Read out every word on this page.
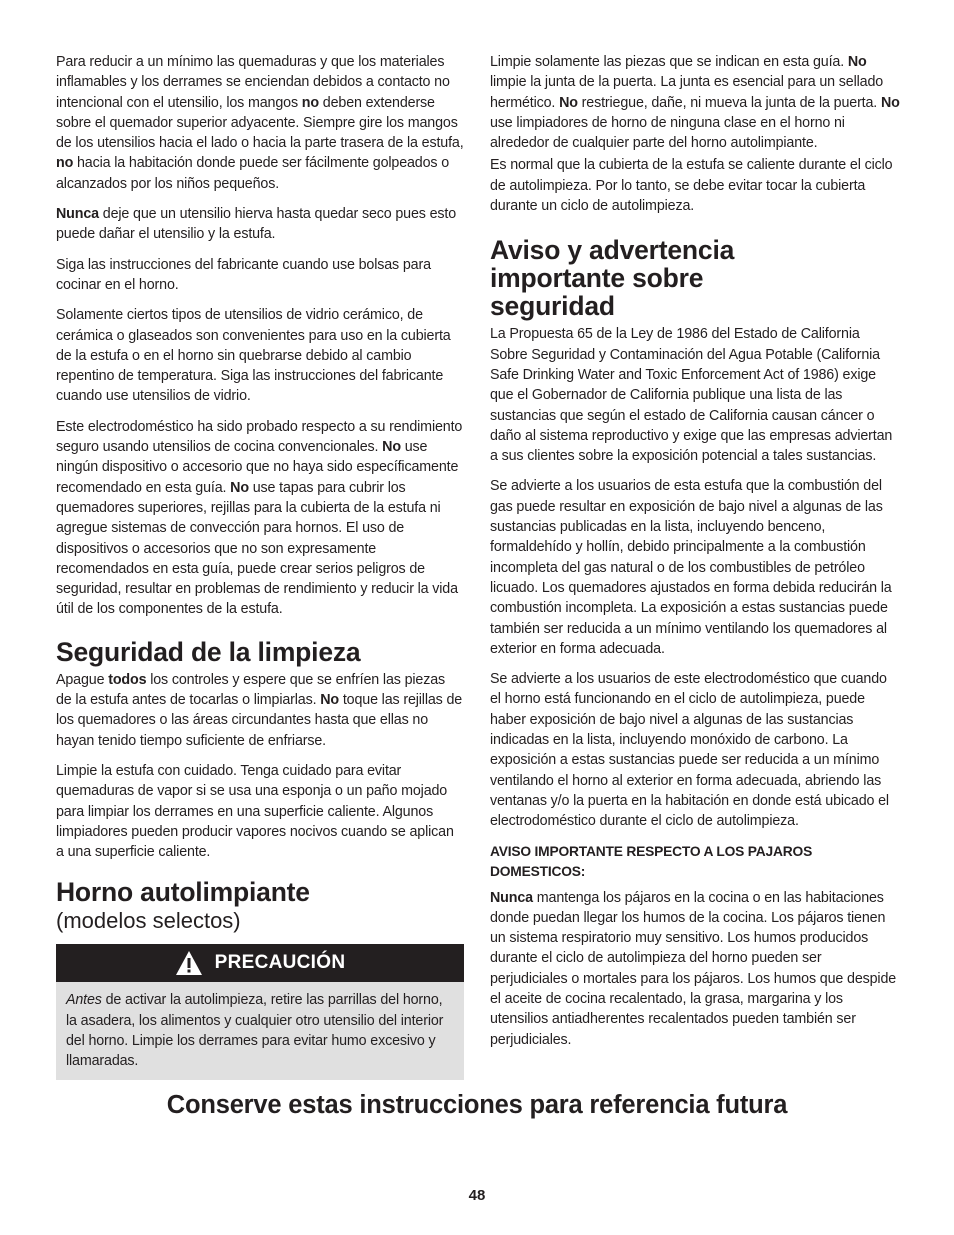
Para reducir a un mínimo las quemaduras y que los materiales inflamables y los derrames se enciendan debidos a contacto no intencional con el utensilio, los mangos no deben extenderse sobre el quemador superior adyacente. Siempre gire los mangos de los utensilios hacia el lado o hacia la parte trasera de la estufa, no hacia la habitación donde puede ser fácilmente golpeados o alcanzados por los niños pequeños.

Nunca deje que un utensilio hierva hasta quedar seco pues esto puede dañar el utensilio y la estufa.

Siga las instrucciones del fabricante cuando use bolsas para cocinar en el horno.

Solamente ciertos tipos de utensilios de vidrio cerámico, de cerámica o glaseados son convenientes para uso en la cubierta de la estufa o en el horno sin quebrarse debido al cambio repentino de temperatura. Siga las instrucciones del fabricante cuando use utensilios de vidrio.

Este electrodoméstico ha sido probado respecto a su rendimiento seguro usando utensilios de cocina convencionales. No use ningún dispositivo o accesorio que no haya sido específicamente recomendado en esta guía. No use tapas para cubrir los quemadores superiores, rejillas para la cubierta de la estufa ni agregue sistemas de convección para hornos. El uso de dispositivos o accesorios que no son expresamente recomendados en esta guía, puede crear serios peligros de seguridad, resultar en problemas de rendimiento y reducir la vida útil de los componentes de la estufa.

Seguridad de la limpieza

Apague todos los controles y espere que se enfríen las piezas de la estufa antes de tocarlas o limpiarlas. No toque las rejillas de los quemadores o las áreas circundantes hasta que ellas no hayan tenido tiempo suficiente de enfriarse.

Limpie la estufa con cuidado. Tenga cuidado para evitar quemaduras de vapor si se usa una esponja o un paño mojado para limpiar los derrames en una superficie caliente. Algunos limpiadores pueden producir vapores nocivos cuando se aplican a una superficie caliente.

Horno autolimpiante
(modelos selectos)
PRECAUCIÓN

Antes de activar la autolimpieza, retire las parrillas del horno, la asadera, los alimentos y cualquier otro utensilio del interior del horno. Limpie los derrames para evitar humo excesivo y llamaradas.

Limpie solamente las piezas que se indican en esta guía. No limpie la junta de la puerta. La junta es esencial para un sellado hermético. No restriegue, dañe, ni mueva la junta de la puerta. No use limpiadores de horno de ninguna clase en el horno ni alrededor de cualquier parte del horno autolimpiante.

Es normal que la cubierta de la estufa se caliente durante el ciclo de autolimpieza. Por lo tanto, se debe evitar tocar la cubierta durante un ciclo de autolimpieza.

Aviso y advertencia importante sobre seguridad

La Propuesta 65 de la Ley de 1986 del Estado de California Sobre Seguridad y Contaminación del Agua Potable (California Safe Drinking Water and Toxic Enforcement Act of 1986) exige que el Gobernador de California publique una lista de las sustancias que según el estado de California causan cáncer o daño al sistema reproductivo y exige que las empresas adviertan a sus clientes sobre la exposición potencial a tales sustancias.

Se advierte a los usuarios de esta estufa que la combustión del gas puede resultar en exposición de bajo nivel a algunas de las sustancias publicadas en la lista, incluyendo benceno, formaldehído y hollín, debido principalmente a la combustión incompleta del gas natural o de los combustibles de petróleo licuado. Los quemadores ajustados en forma debida reducirán la combustión incompleta. La exposición a estas sustancias puede también ser reducida a un mínimo ventilando los quemadores al exterior en forma adecuada.

Se advierte a los usuarios de este electrodoméstico que cuando el horno está funcionando en el ciclo de autolimpieza, puede haber exposición de bajo nivel a algunas de las sustancias indicadas en la lista, incluyendo monóxido de carbono. La exposición a estas sustancias puede ser reducida a un mínimo ventilando el horno al exterior en forma adecuada, abriendo las ventanas y/o la puerta en la habitación en donde está ubicado el electrodoméstico durante el ciclo de autolimpieza.

AVISO IMPORTANTE RESPECTO A LOS PAJAROS DOMESTICOS:

Nunca mantenga los pájaros en la cocina o en las habitaciones donde puedan llegar los humos de la cocina. Los pájaros tienen un sistema respiratorio muy sensitivo. Los humos producidos durante el ciclo de autolimpieza del horno pueden ser perjudiciales o mortales para los pájaros. Los humos que despide el aceite de cocina recalentado, la grasa, margarina y los utensilios antiadherentes recalentados pueden también ser perjudiciales.

Conserve estas instrucciones para referencia futura
48
